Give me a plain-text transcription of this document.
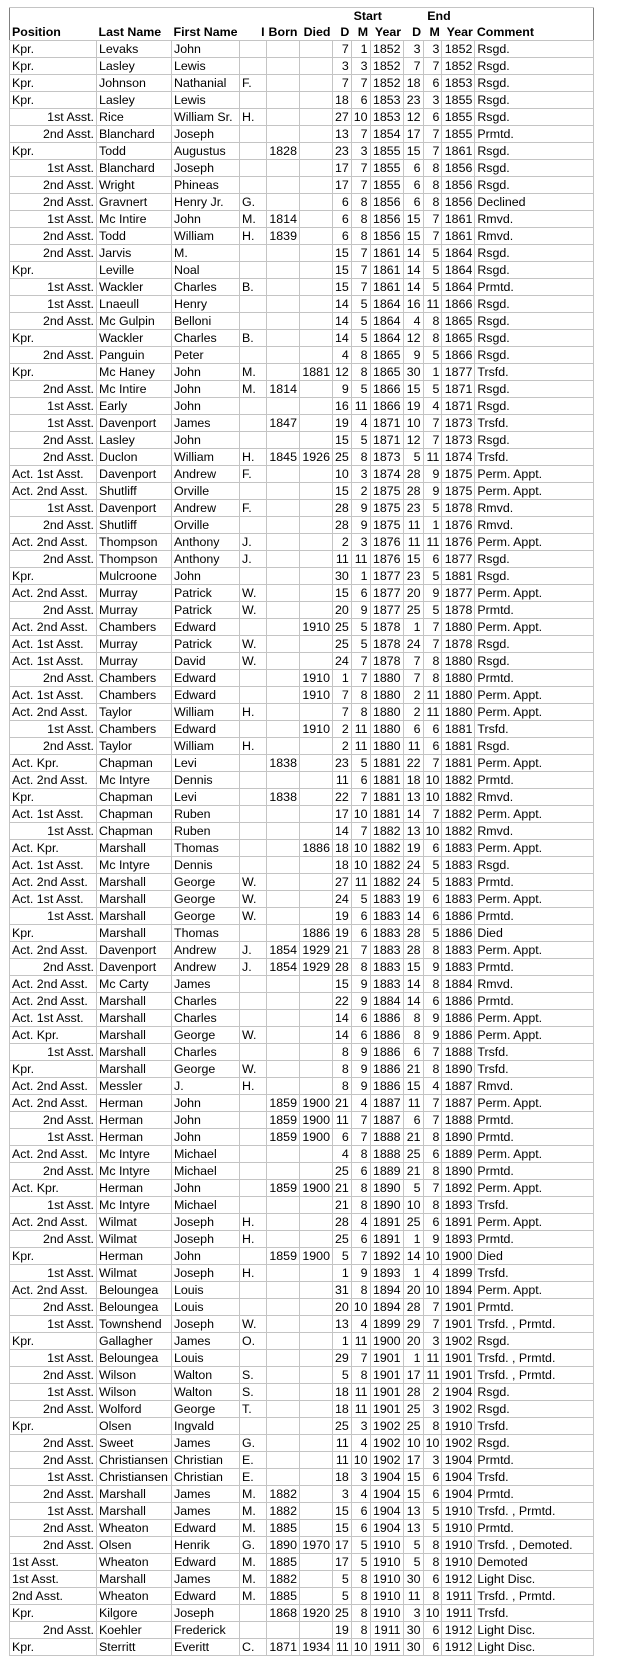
						Start			End			
Position	Last Name	First Name	I	Born	Died	D	M	Year	D	M	Year	Comment
Kpr.	Levaks	John				7	1	1852	3	3	1852	Rsgd.
Kpr.	Lasley	Lewis				3	3	1852	7	7	1852	Rsgd.
Kpr.	Johnson	Nathanial	F.			7	7	1852	18	6	1853	Rsgd.
Kpr.	Lasley	Lewis				18	6	1853	23	3	1855	Rsgd.
1st Asst.	Rice	William Sr.	H.			27	10	1853	12	6	1855	Rsgd.
2nd Asst.	Blanchard	Joseph				13	7	1854	17	7	1855	Prmtd.
Kpr.	Todd	Augustus		1828		23	3	1855	15	7	1861	Rsgd.
1st Asst.	Blanchard	Joseph				17	7	1855	6	8	1856	Rsgd.
2nd Asst.	Wright	Phineas				17	7	1855	6	8	1856	Rsgd.
2nd Asst.	Gravnert	Henry Jr.	G.			6	8	1856	6	8	1856	Declined
1st Asst.	Mc Intire	John	M.	1814		6	8	1856	15	7	1861	Rmvd.
2nd Asst.	Todd	William	H.	1839		6	8	1856	15	7	1861	Rmvd.
2nd Asst.	Jarvis	M.				15	7	1861	14	5	1864	Rsgd.
Kpr.	Leville	Noal				15	7	1861	14	5	1864	Rsgd.
1st Asst.	Wackler	Charles	B.			15	7	1861	14	5	1864	Prmtd.
1st Asst.	Lnaeull	Henry				14	5	1864	16	11	1866	Rsgd.
2nd Asst.	Mc Gulpin	Belloni				14	5	1864	4	8	1865	Rsgd.
Kpr.	Wackler	Charles	B.			14	5	1864	12	8	1865	Rsgd.
2nd Asst.	Panguin	Peter				4	8	1865	9	5	1866	Rsgd.
Kpr.	Mc Haney	John	M.		1881	12	8	1865	30	1	1877	Trsfd.
2nd Asst.	Mc Intire	John	M.	1814		9	5	1866	15	5	1871	Rsgd.
1st Asst.	Early	John				16	11	1866	19	4	1871	Rsgd.
1st Asst.	Davenport	James		1847		19	4	1871	10	7	1873	Trsfd.
2nd Asst.	Lasley	John				15	5	1871	12	7	1873	Rsgd.
2nd Asst.	Duclon	William	H.	1845	1926	25	8	1873	5	11	1874	Trsfd.
Act. 1st Asst.	Davenport	Andrew	F.			10	3	1874	28	9	1875	Perm. Appt.
Act. 2nd Asst.	Shutliff	Orville				15	2	1875	28	9	1875	Perm. Appt.
1st Asst.	Davenport	Andrew	F.			28	9	1875	23	5	1878	Rmvd.
2nd Asst.	Shutliff	Orville				28	9	1875	11	1	1876	Rmvd.
Act. 2nd Asst.	Thompson	Anthony	J.			2	3	1876	11	11	1876	Perm. Appt.
2nd Asst.	Thompson	Anthony	J.			11	11	1876	15	6	1877	Rsgd.
Kpr.	Mulcroone	John				30	1	1877	23	5	1881	Rsgd.
Act. 2nd Asst.	Murray	Patrick	W.			15	6	1877	20	9	1877	Perm. Appt.
2nd Asst.	Murray	Patrick	W.			20	9	1877	25	5	1878	Prmtd.
Act. 2nd Asst.	Chambers	Edward			1910	25	5	1878	1	7	1880	Perm. Appt.
Act. 1st Asst.	Murray	Patrick	W.			25	5	1878	24	7	1878	Rsgd.
Act. 1st Asst.	Murray	David	W.			24	7	1878	7	8	1880	Rsgd.
2nd Asst.	Chambers	Edward			1910	1	7	1880	7	8	1880	Prmtd.
Act. 1st Asst.	Chambers	Edward			1910	7	8	1880	2	11	1880	Perm. Appt.
Act. 2nd Asst.	Taylor	William	H.			7	8	1880	2	11	1880	Perm. Appt.
1st Asst.	Chambers	Edward			1910	2	11	1880	6	6	1881	Trsfd.
2nd Asst.	Taylor	William	H.			2	11	1880	11	6	1881	Rsgd.
Act. Kpr.	Chapman	Levi		1838		23	5	1881	22	7	1881	Perm. Appt.
Act. 2nd Asst.	Mc Intyre	Dennis				11	6	1881	18	10	1882	Prmtd.
Kpr.	Chapman	Levi		1838		22	7	1881	13	10	1882	Rmvd.
Act. 1st Asst.	Chapman	Ruben				17	10	1881	14	7	1882	Perm. Appt.
1st Asst.	Chapman	Ruben				14	7	1882	13	10	1882	Rmvd.
Act. Kpr.	Marshall	Thomas			1886	18	10	1882	19	6	1883	Perm. Appt.
Act. 1st Asst.	Mc Intyre	Dennis				18	10	1882	24	5	1883	Rsgd.
Act. 2nd Asst.	Marshall	George	W.			27	11	1882	24	5	1883	Prmtd.
Act. 1st Asst.	Marshall	George	W.			24	5	1883	19	6	1883	Perm. Appt.
1st Asst.	Marshall	George	W.			19	6	1883	14	6	1886	Prmtd.
Kpr.	Marshall	Thomas			1886	19	6	1883	28	5	1886	Died
Act. 2nd Asst.	Davenport	Andrew	J.	1854	1929	21	7	1883	28	8	1883	Perm. Appt.
2nd Asst.	Davenport	Andrew	J.	1854	1929	28	8	1883	15	9	1883	Prmtd.
Act. 2nd Asst.	Mc Carty	James				15	9	1883	14	8	1884	Rmvd.
Act. 2nd Asst.	Marshall	Charles				22	9	1884	14	6	1886	Prmtd.
Act. 1st Asst.	Marshall	Charles				14	6	1886	8	9	1886	Perm. Appt.
Act. Kpr.	Marshall	George	W.			14	6	1886	8	9	1886	Perm. Appt.
1st Asst.	Marshall	Charles				8	9	1886	6	7	1888	Trsfd.
Kpr.	Marshall	George	W.			8	9	1886	21	8	1890	Trsfd.
Act. 2nd Asst.	Messler	J.	H.			8	9	1886	15	4	1887	Rmvd.
Act. 2nd Asst.	Herman	John		1859	1900	21	4	1887	11	7	1887	Perm. Appt.
2nd Asst.	Herman	John		1859	1900	11	7	1887	6	7	1888	Prmtd.
1st Asst.	Herman	John		1859	1900	6	7	1888	21	8	1890	Prmtd.
Act. 2nd Asst.	Mc Intyre	Michael				4	8	1888	25	6	1889	Perm. Appt.
2nd Asst.	Mc Intyre	Michael				25	6	1889	21	8	1890	Prmtd.
Act. Kpr.	Herman	John		1859	1900	21	8	1890	5	7	1892	Perm. Appt.
1st Asst.	Mc Intyre	Michael				21	8	1890	10	8	1893	Trsfd.
Act. 2nd Asst.	Wilmat	Joseph	H.			28	4	1891	25	6	1891	Perm. Appt.
2nd Asst.	Wilmat	Joseph	H.			25	6	1891	1	9	1893	Prmtd.
Kpr.	Herman	John		1859	1900	5	7	1892	14	10	1900	Died
1st Asst.	Wilmat	Joseph	H.			1	9	1893	1	4	1899	Trsfd.
Act. 2nd Asst.	Beloungea	Louis				31	8	1894	20	10	1894	Perm. Appt.
2nd Asst.	Beloungea	Louis				20	10	1894	28	7	1901	Prmtd.
1st Asst.	Townshend	Joseph	W.			13	4	1899	29	7	1901	Trsfd. , Prmtd.
Kpr.	Gallagher	James	O.			1	11	1900	20	3	1902	Rsgd.
1st Asst.	Beloungea	Louis				29	7	1901	1	11	1901	Trsfd. , Prmtd.
2nd Asst.	Wilson	Walton	S.			5	8	1901	17	11	1901	Trsfd. , Prmtd.
1st Asst.	Wilson	Walton	S.			18	11	1901	28	2	1904	Rsgd.
2nd Asst.	Wolford	George	T.			18	11	1901	25	3	1902	Rsgd.
Kpr.	Olsen	Ingvald				25	3	1902	25	8	1910	Trsfd.
2nd Asst.	Sweet	James	G.			11	4	1902	10	10	1902	Rsgd.
2nd Asst.	Christiansen	Christian	E.			11	10	1902	17	3	1904	Prmtd.
1st Asst.	Christiansen	Christian	E.			18	3	1904	15	6	1904	Trsfd.
2nd Asst.	Marshall	James	M.	1882		3	4	1904	15	6	1904	Prmtd.
1st Asst.	Marshall	James	M.	1882		15	6	1904	13	5	1910	Trsfd. , Prmtd.
2nd Asst.	Wheaton	Edward	M.	1885		15	6	1904	13	5	1910	Prmtd.
2nd Asst.	Olsen	Henrik	G.	1890	1970	17	5	1910	5	8	1910	Trsfd. , Demoted.
1st Asst.	Wheaton	Edward	M.	1885		17	5	1910	5	8	1910	Demoted
1st Asst.	Marshall	James	M.	1882		5	8	1910	30	6	1912	Light Disc.
2nd Asst.	Wheaton	Edward	M.	1885		5	8	1910	11	8	1911	Trsfd. , Prmtd.
Kpr.	Kilgore	Joseph		1868	1920	25	8	1910	3	10	1911	Trsfd.
2nd Asst.	Koehler	Frederick				19	8	1911	30	6	1912	Light Disc.
Kpr.	Sterritt	Everitt	C.	1871	1934	11	10	1911	30	6	1912	Light Disc.
